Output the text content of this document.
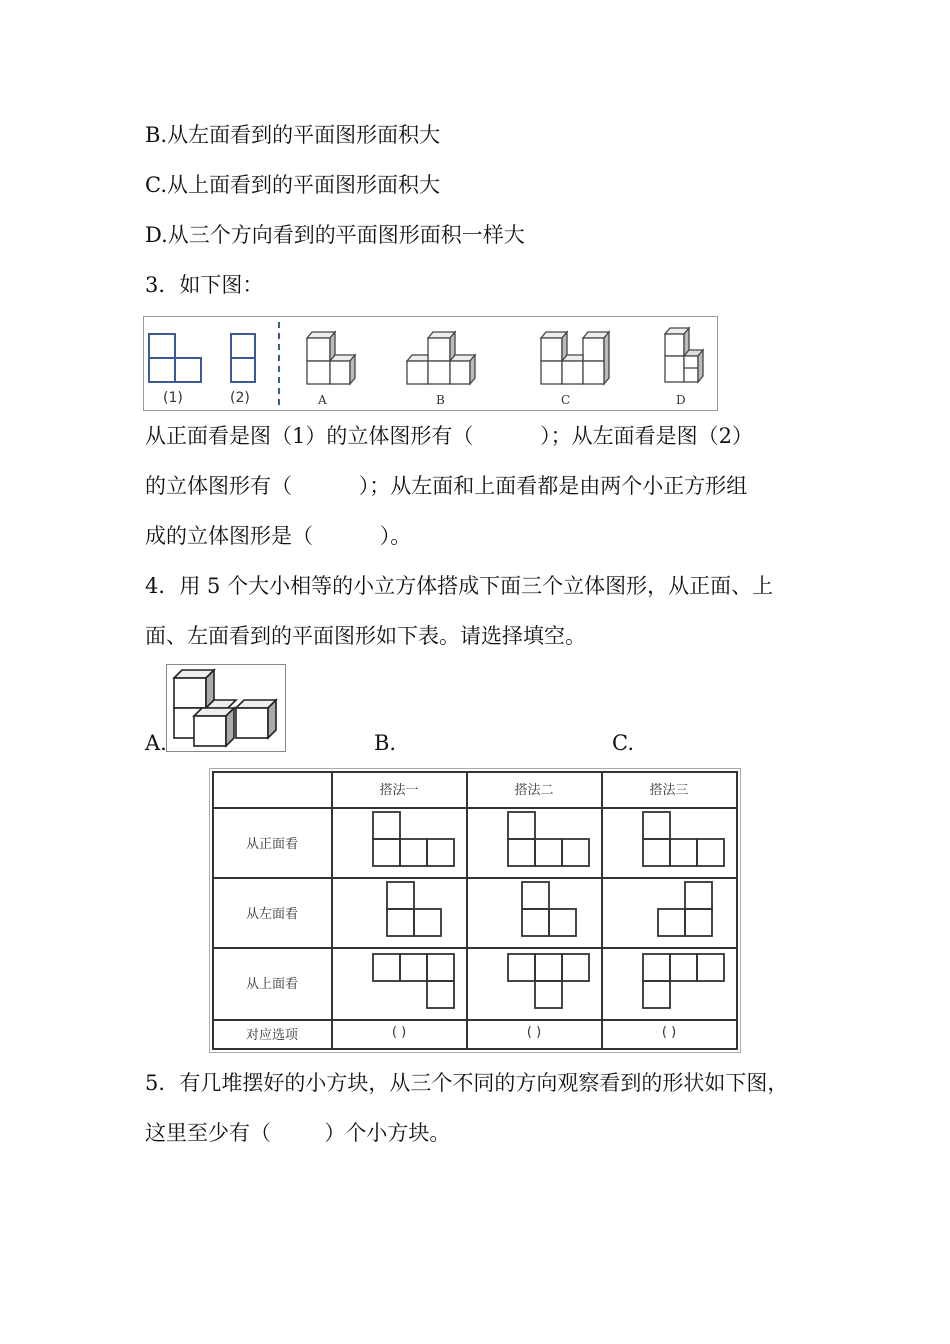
B.从左面看到的平面图形面积大
C.从上面看到的平面图形面积大
D.从三个方向看到的平面图形面积一样大
3．如下图：
(1)	(2)	A	B	C	D
从正面看是图（1）的立体图形有（          ）；从左面看是图（2）
的立体图形有（          ）；从左面和上面看都是由两个小正方形组
成的立体图形是（          ）。
4．用 5 个大小相等的小立方体搭成下面三个立体图形，从正面、上
面、左面看到的平面图形如下表。请选择填空。
A.	B.	C.
搭法一	搭法二	搭法三
从正面看
从左面看
从上面看
对应选项	( )	( )	( )
5．有几堆摆好的小方块，从三个不同的方向观察看到的形状如下图，
这里至少有（        ）个小方块。
